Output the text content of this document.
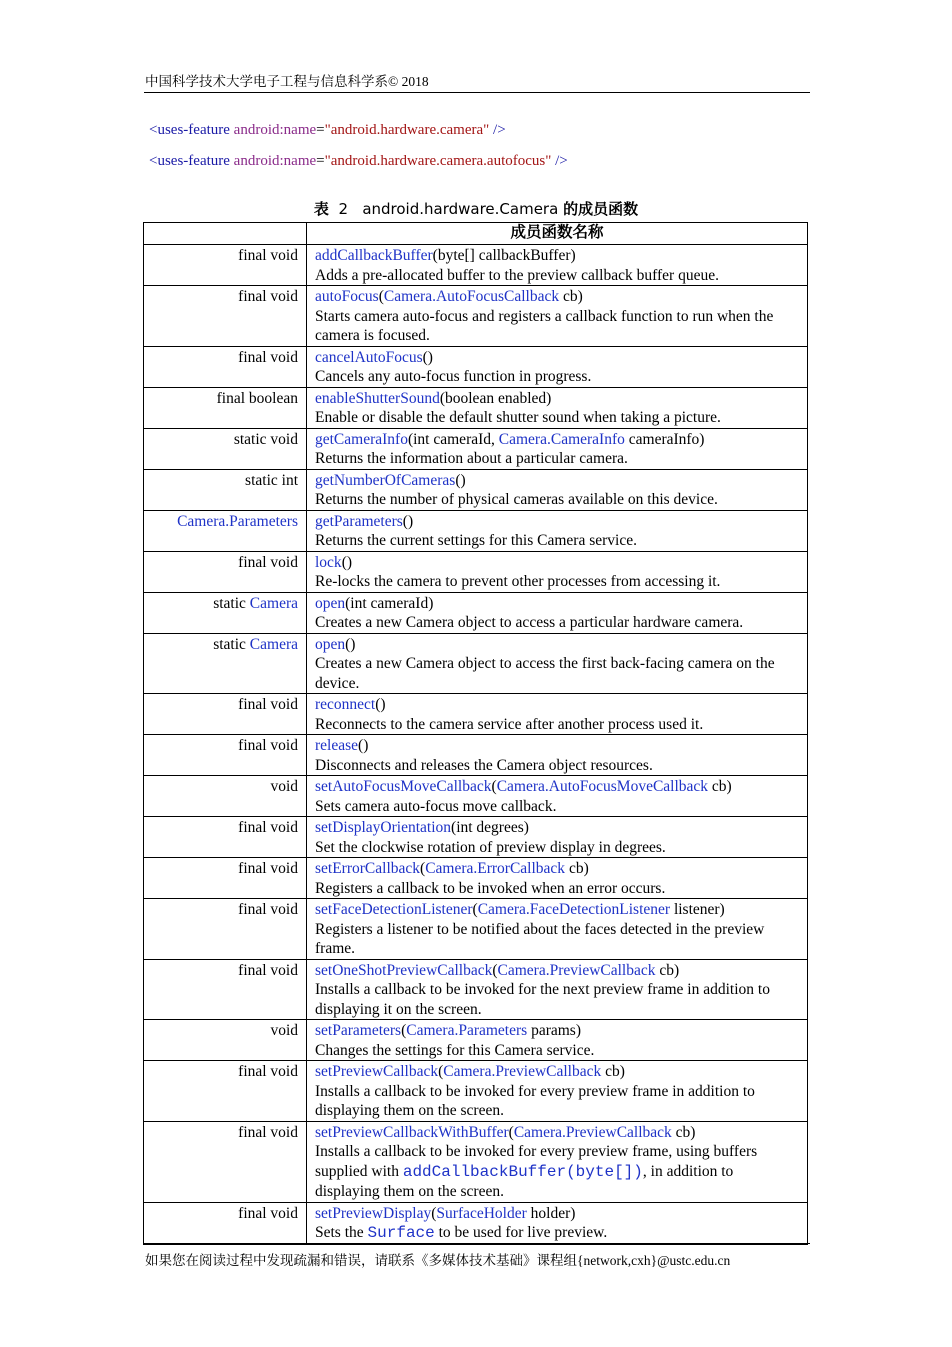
中国科学技术大学电子工程与信息科学系© 2018
<uses-feature android:name="android.hardware.camera" />
<uses-feature android:name="android.hardware.camera.autofocus" />
表 2 android.hardware.Camera 的成员函数
	成员函数名称
final void	addCallbackBuffer(byte[] callbackBuffer)
Adds a pre-allocated buffer to the preview callback buffer queue.

final void	autoFocus(Camera.AutoFocusCallback cb)
Starts camera auto-focus and registers a callback function to run when the camera is focused.

final void	cancelAutoFocus()
Cancels any auto-focus function in progress.

final boolean	enableShutterSound(boolean enabled)
Enable or disable the default shutter sound when taking a picture.

static void	getCameraInfo(int cameraId, Camera.CameraInfo cameraInfo)
Returns the information about a particular camera.

static int	getNumberOfCameras()
Returns the number of physical cameras available on this device.

Camera.Parameters	getParameters()
Returns the current settings for this Camera service.

final void	lock()
Re-locks the camera to prevent other processes from accessing it.

static Camera	open(int cameraId)
Creates a new Camera object to access a particular hardware camera.

static Camera	open()
Creates a new Camera object to access the first back-facing camera on the device.

final void	reconnect()
Reconnects to the camera service after another process used it.

final void	release()
Disconnects and releases the Camera object resources.

void	setAutoFocusMoveCallback(Camera.AutoFocusMoveCallback cb)
Sets camera auto-focus move callback.

final void	setDisplayOrientation(int degrees)
Set the clockwise rotation of preview display in degrees.

final void	setErrorCallback(Camera.ErrorCallback cb)
Registers a callback to be invoked when an error occurs.

final void	setFaceDetectionListener(Camera.FaceDetectionListener listener)
Registers a listener to be notified about the faces detected in the preview frame.

final void	setOneShotPreviewCallback(Camera.PreviewCallback cb)
Installs a callback to be invoked for the next preview frame in addition to displaying it on the screen.

void	setParameters(Camera.Parameters params)
Changes the settings for this Camera service.

final void	setPreviewCallback(Camera.PreviewCallback cb)
Installs a callback to be invoked for every preview frame in addition to displaying them on the screen.

final void	setPreviewCallbackWithBuffer(Camera.PreviewCallback cb)
Installs a callback to be invoked for every preview frame, using buffers supplied with addCallbackBuffer(byte[]), in addition to displaying them on the screen.

final void	setPreviewDisplay(SurfaceHolder holder)
Sets the Surface to be used for live preview.
如果您在阅读过程中发现疏漏和错误，请联系《多媒体技术基础》课程组{network,cxh}@ustc.edu.cn
